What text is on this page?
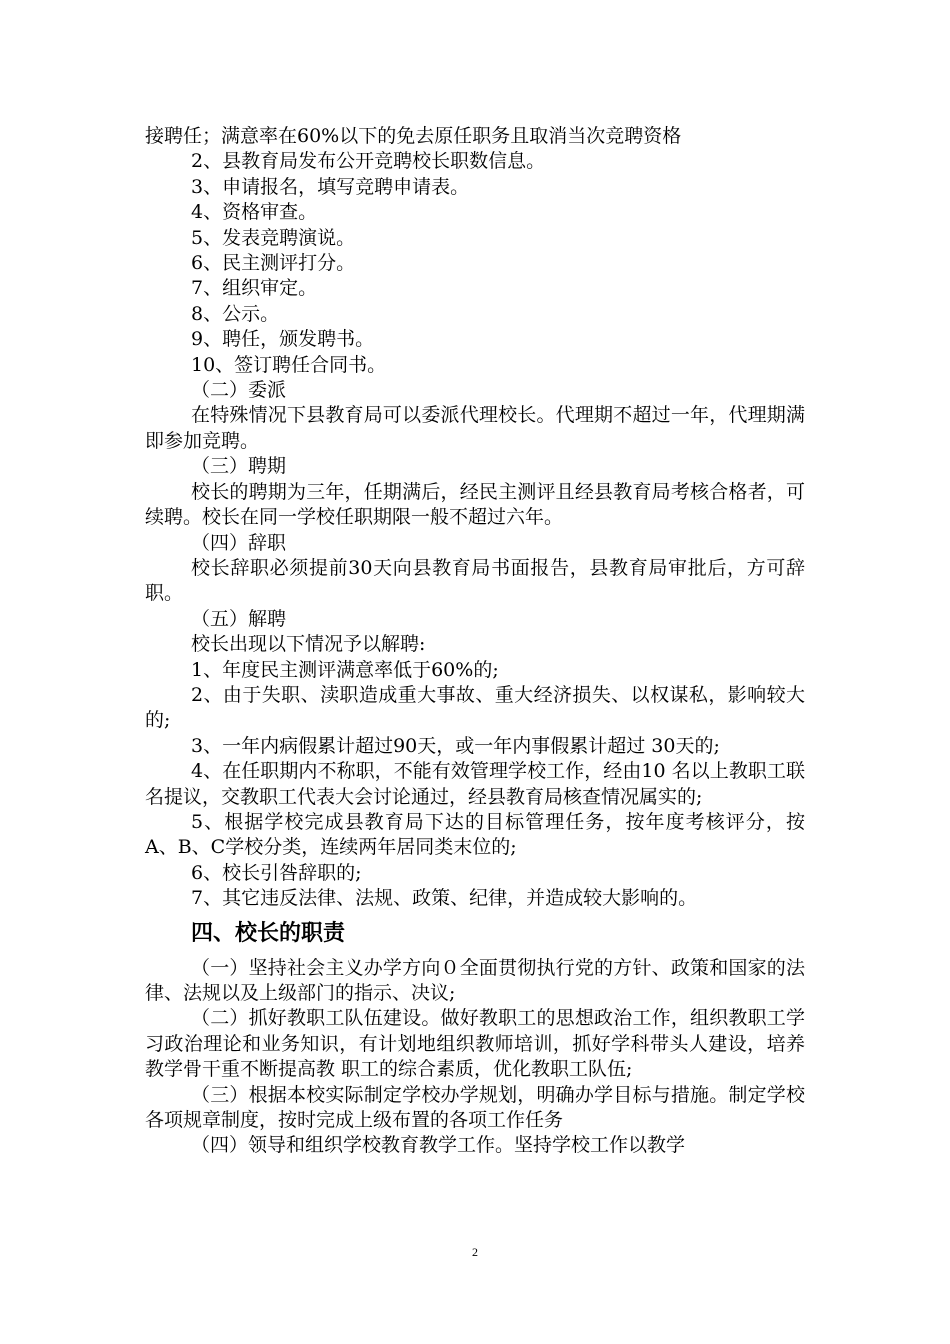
接聘任；满意率在60%以下的免去原任职务且取消当次竞聘资格

2、县教育局发布公开竞聘校长职数信息。

3、申请报名，填写竞聘申请表。

4、资格审查。

5、发表竞聘演说。

6、民主测评打分。

7、组织审定。

8、公示。

9、聘任，颁发聘书。

10、签订聘任合同书。

（二）委派

在特殊情况下县教育局可以委派代理校长。代理期不超过一年，代理期满即参加竞聘。

（三）聘期

校长的聘期为三年，任期满后，经民主测评且经县教育局考核合格者，可续聘。校长在同一学校任职期限一般不超过六年。

（四）辞职

校长辞职必须提前30天向县教育局书面报告，县教育局审批后，方可辞职。

（五）解聘

校长出现以下情况予以解聘:

1、年度民主测评满意率低于60%的;

2、由于失职、渎职造成重大事故、重大经济损失、以权谋私，影响较大的;

3、一年内病假累计超过90天，或一年内事假累计超过 30天的;

4、在任职期内不称职，不能有效管理学校工作，经由10 名以上教职工联名提议，交教职工代表大会讨论通过，经县教育局核查情况属实的;

5、根据学校完成县教育局下达的目标管理任务，按年度考核评分，按A、B、C学校分类，连续两年居同类末位的;

6、校长引咎辞职的;

7、其它违反法律、法规、政策、纪律，并造成较大影响的。

四、校长的职责

（一）坚持社会主义办学方向０全面贯彻执行党的方针、政策和国家的法律、法规以及上级部门的指示、决议;

（二）抓好教职工队伍建设。做好教职工的思想政治工作，组织教职工学习政治理论和业务知识，有计划地组织教师培训，抓好学科带头人建设，培养教学骨干重不断提高教 职工的综合素质，优化教职工队伍;

（三）根据本校实际制定学校办学规划，明确办学目标与措施。制定学校各项规章制度，按时完成上级布置的各项工作任务

（四）领导和组织学校教育教学工作。坚持学校工作以教学

2
